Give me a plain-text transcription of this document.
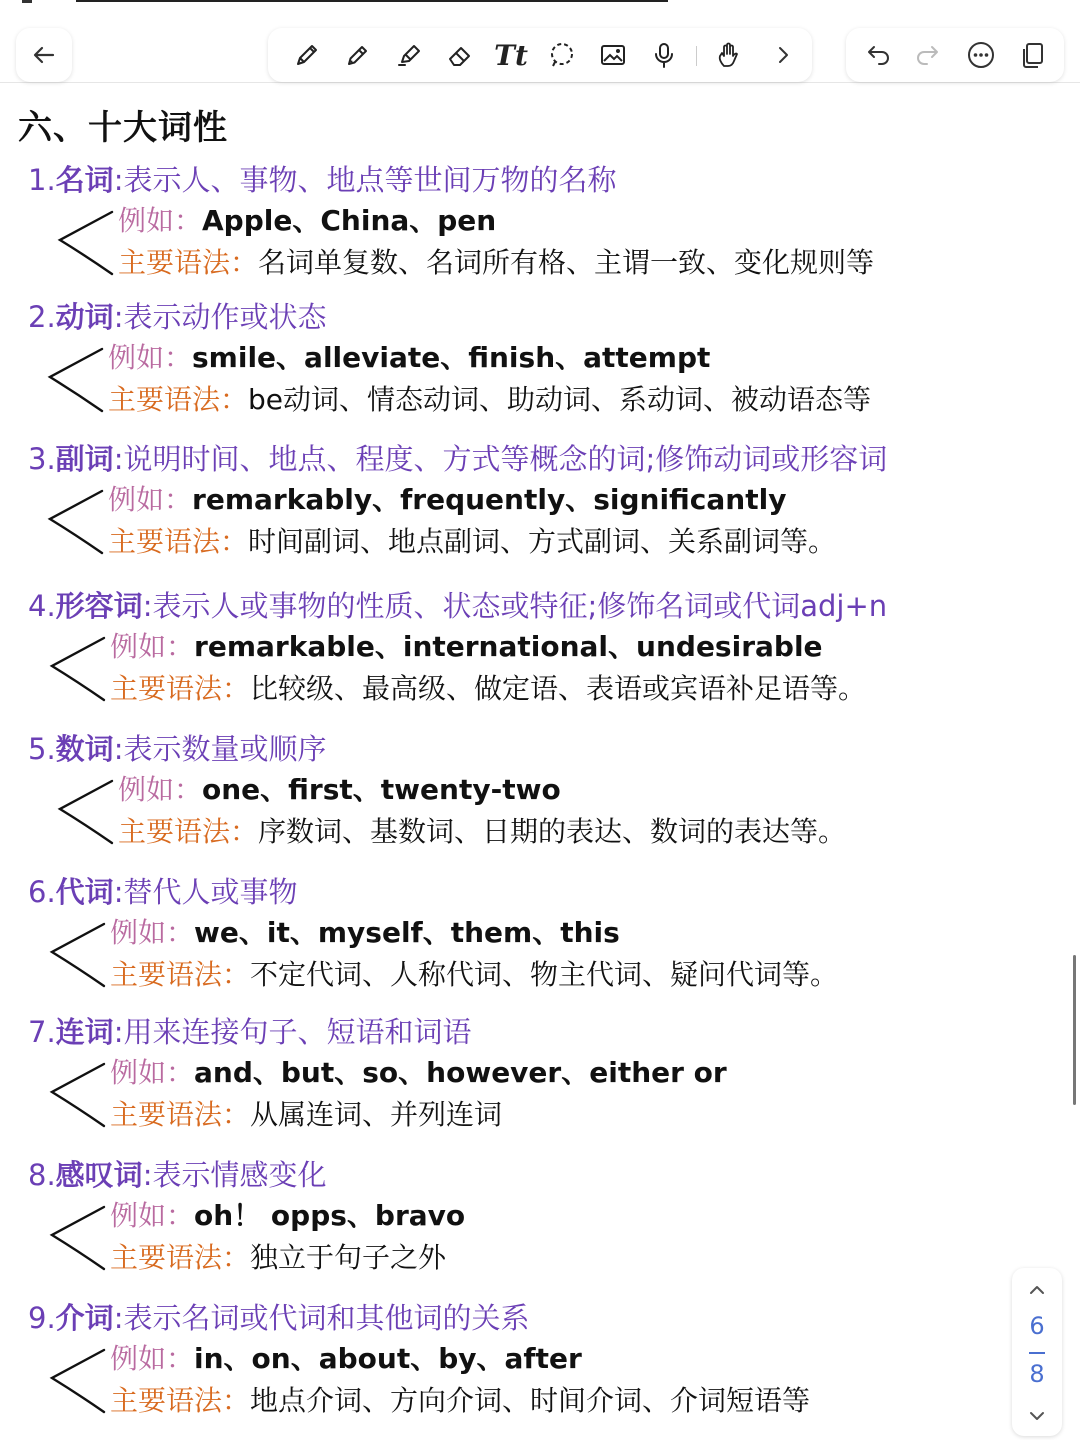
Tt
六、十大词性
1.名词:表示人、事物、地点等世间万物的名称
例如：Apple、China、pen
主要语法：名词单复数、名词所有格、主谓一致、变化规则等
2.动词:表示动作或状态
例如：smile、alleviate、finish、attempt
主要语法：be动词、情态动词、助动词、系动词、被动语态等
3.副词:说明时间、地点、程度、方式等概念的词;修饰动词或形容词
例如：remarkably、frequently、significantly
主要语法：时间副词、地点副词、方式副词、关系副词等。
4.形容词:表示人或事物的性质、状态或特征;修饰名词或代词adj+n
例如：remarkable、international、undesirable
主要语法：比较级、最高级、做定语、表语或宾语补足语等。
5.数词:表示数量或顺序
例如：one、first、twenty-two
主要语法：序数词、基数词、日期的表达、数词的表达等。
6.代词:替代人或事物
例如：we、it、myself、them、this
主要语法：不定代词、人称代词、物主代词、疑问代词等。
7.连词:用来连接句子、短语和词语
例如：and、but、so、however、either or
主要语法：从属连词、并列连词
8.感叹词:表示情感变化
例如：oh！ opps、bravo
主要语法：独立于句子之外
9.介词:表示名词或代词和其他词的关系
例如：in、on、about、by、after
主要语法：地点介词、方向介词、时间介词、介词短语等
6
8
